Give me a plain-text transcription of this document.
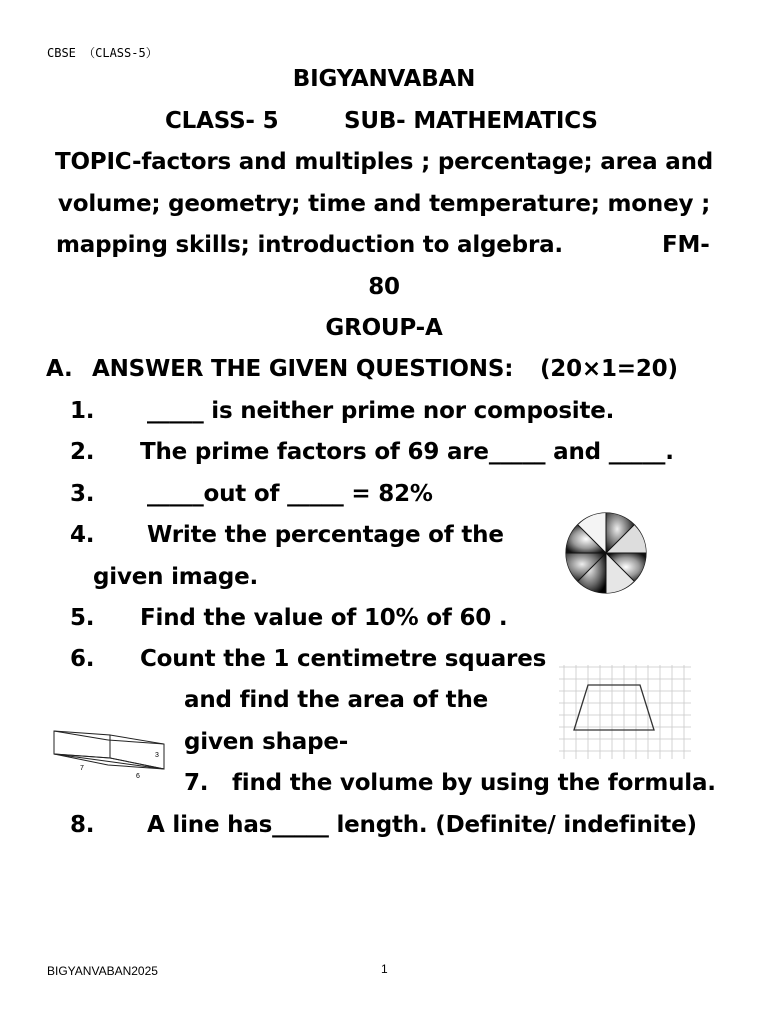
CBSE （CLASS-5）
BIGYANVABAN
CLASS- 5	SUB- MATHEMATICS
TOPIC-factors and multiples ; percentage; area and
volume; geometry; time and temperature; money ;
mapping skills; introduction to algebra.	FM-
80
GROUP-A
A. ANSWER THE GIVEN QUESTIONS: (20×1=20)
1. _____ is neither prime nor composite.
2. The prime factors of 69 are_____ and _____.
3. _____out of _____ = 82%
4. Write the percentage of the
given image.
5. Find the value of 10% of 60 .
6. Count the 1 centimetre squares
and find the area of the
given shape-
3
7
6 7. find the volume by using the formula.
8. A line has_____ length. (Definite/ indefinite)
BIGYANVABAN2025	1
